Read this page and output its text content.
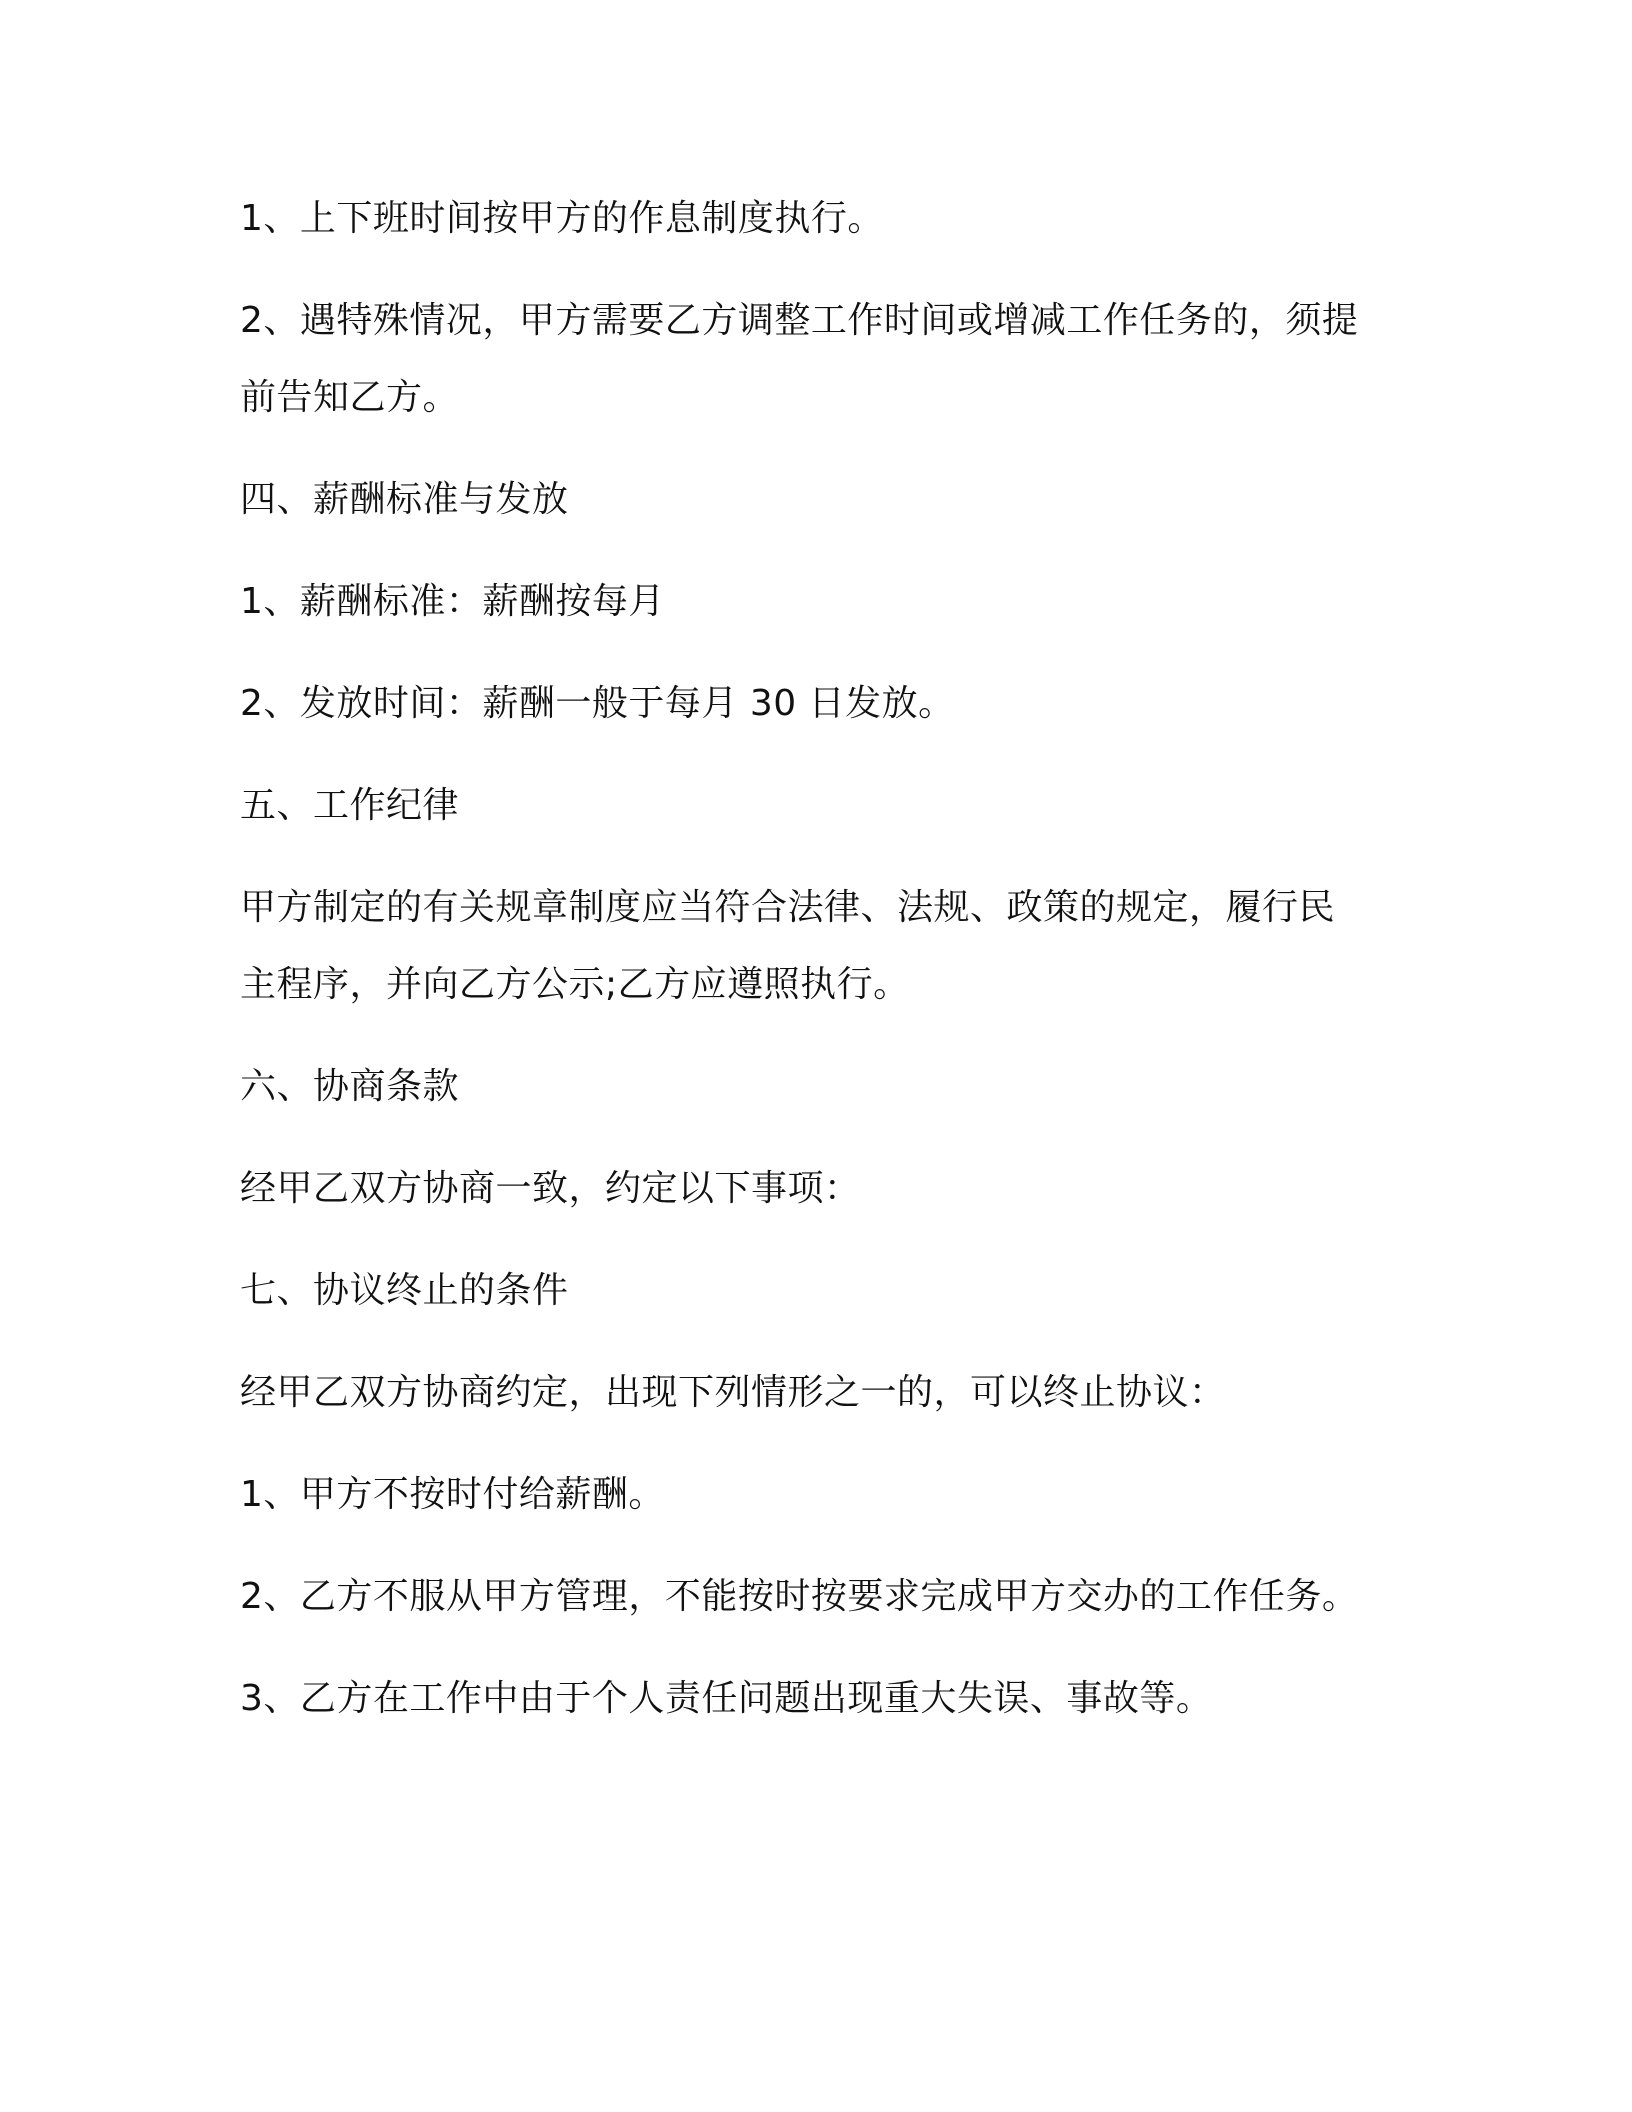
1、上下班时间按甲方的作息制度执行。

2、遇特殊情况，甲方需要乙方调整工作时间或增减工作任务的，须提

前告知乙方。

四、薪酬标准与发放

1、薪酬标准：薪酬按每月

2、发放时间：薪酬一般于每月 30 日发放。

五、工作纪律

甲方制定的有关规章制度应当符合法律、法规、政策的规定，履行民

主程序，并向乙方公示;乙方应遵照执行。

六、协商条款

经甲乙双方协商一致，约定以下事项：

七、协议终止的条件

经甲乙双方协商约定，出现下列情形之一的，可以终止协议：

1、甲方不按时付给薪酬。

2、乙方不服从甲方管理，不能按时按要求完成甲方交办的工作任务。

3、乙方在工作中由于个人责任问题出现重大失误、事故等。
